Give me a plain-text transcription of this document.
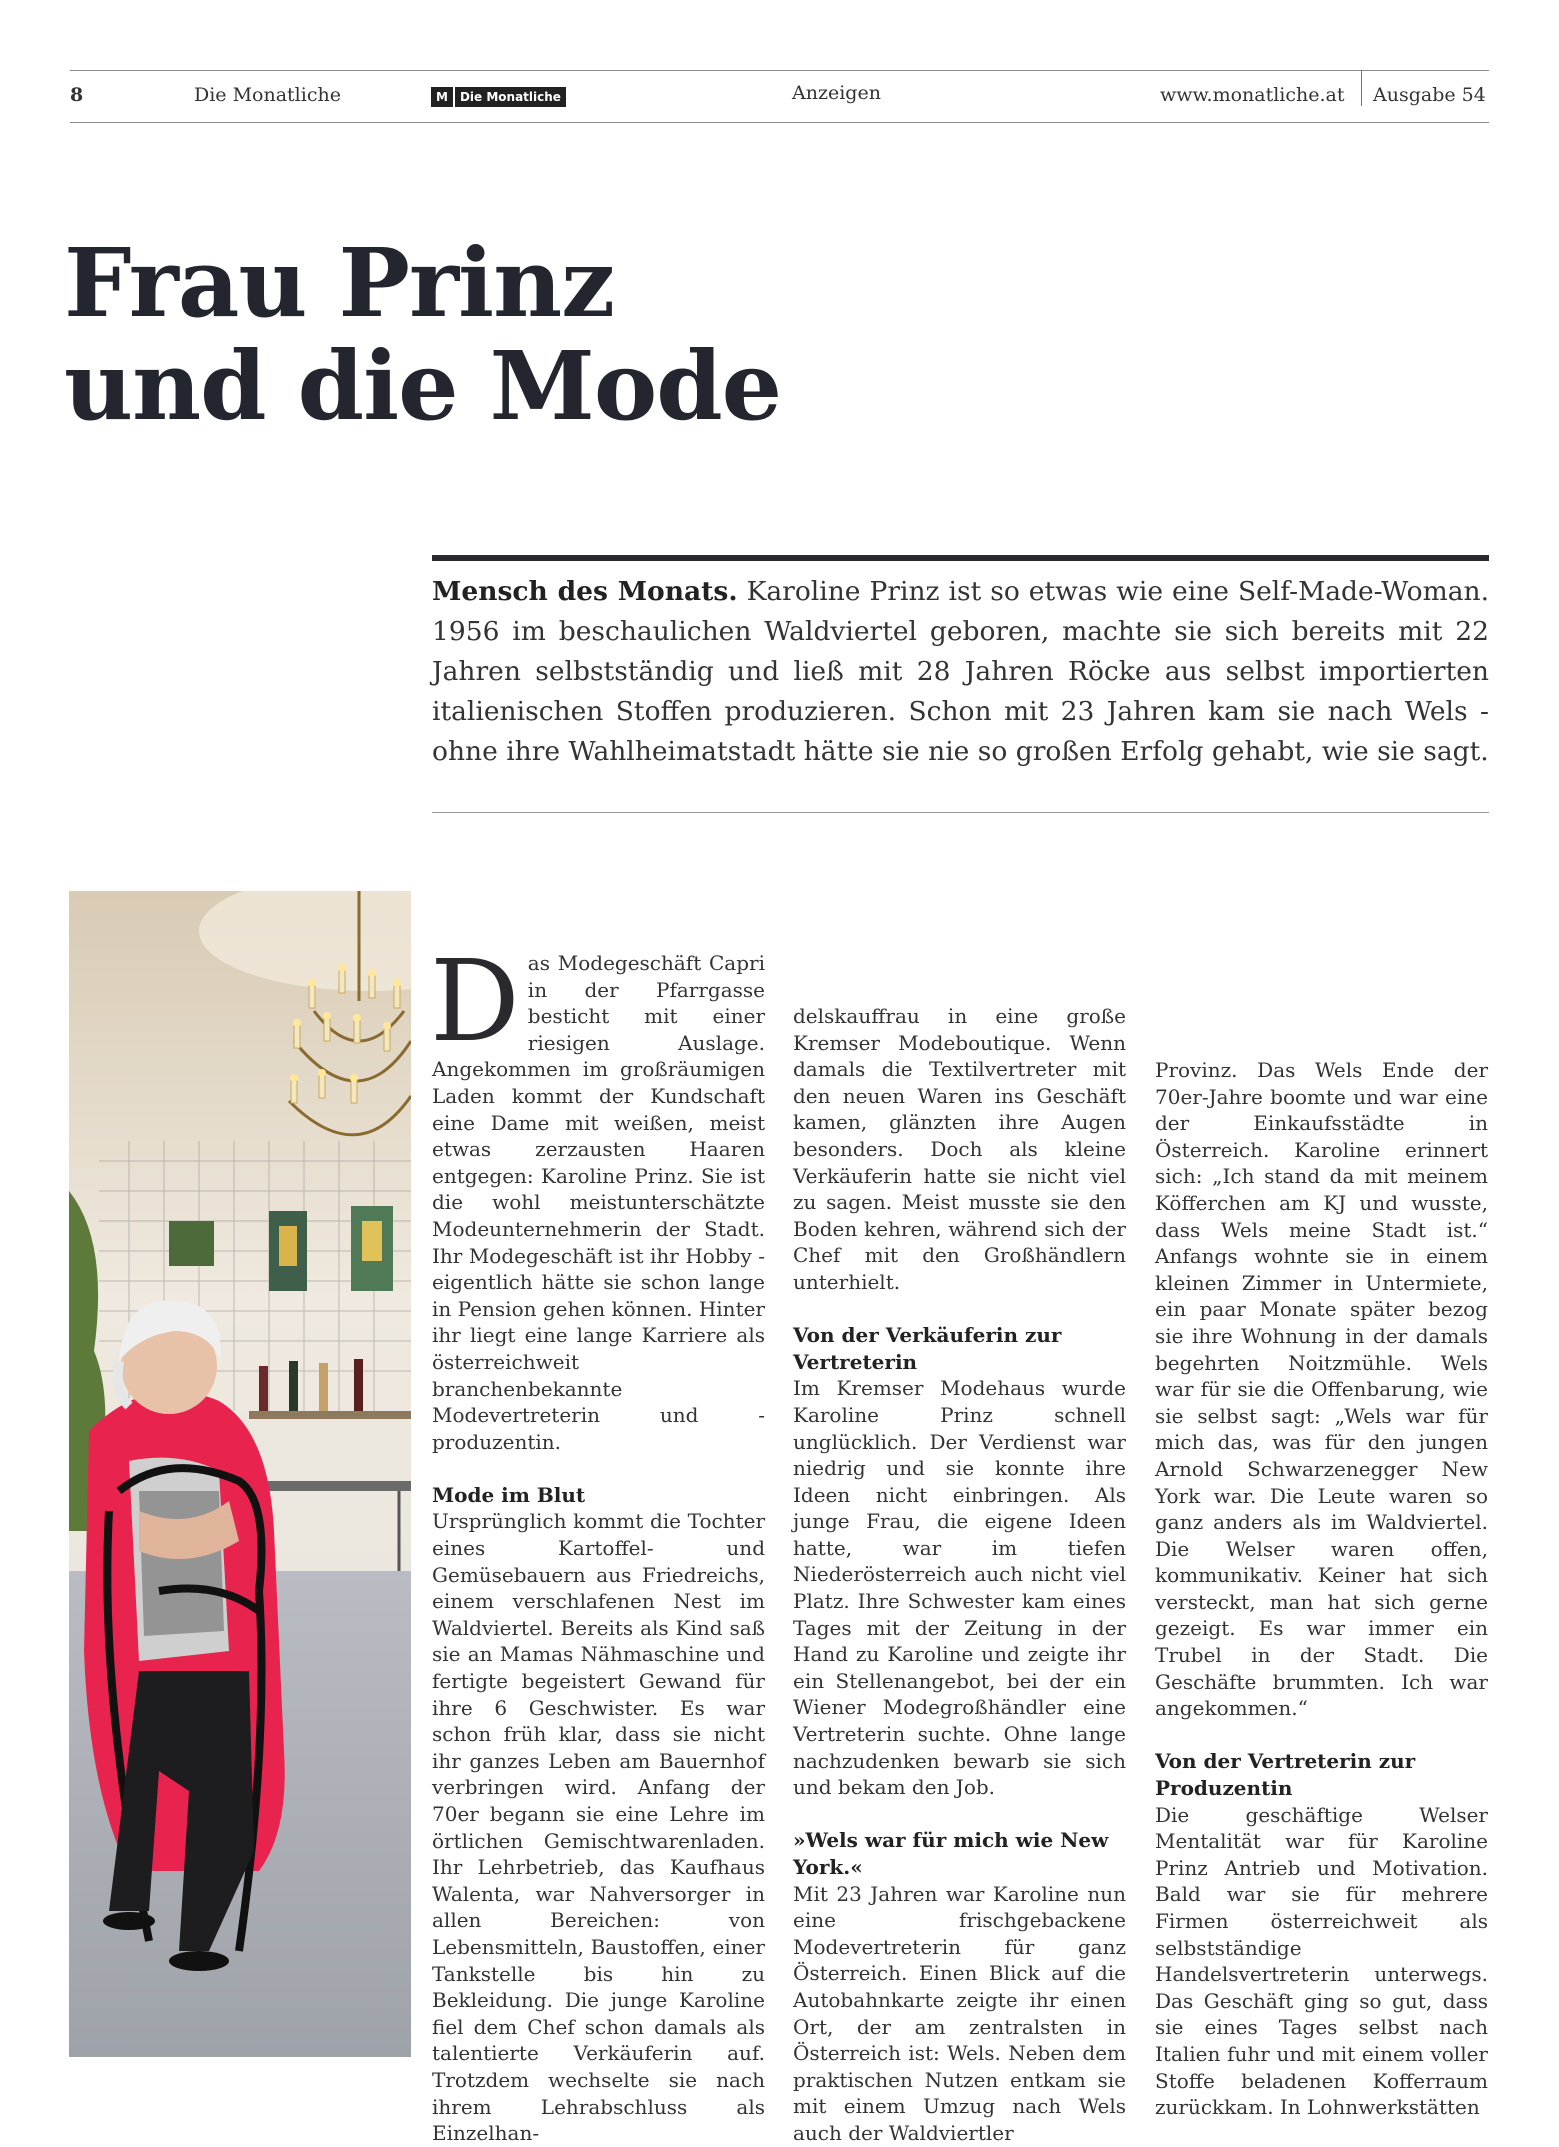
8	Die Monatliche	M	Die Monatliche	Anzeigen	www.monatliche.at Ausgabe 54
Frau Prinz
und die Mode
Mensch des Monats. Karoline Prinz ist so etwas wie eine Self-Made-Woman. 1956 im beschaulichen Waldviertel geboren, machte sie sich bereits mit 22 Jahren selbstständig und ließ mit 28 Jahren Röcke aus selbst importierten italienischen Stoffen produzieren. Schon mit 23 Jahren kam sie nach Wels - ohne ihre Wahlheimatstadt hätte sie nie so großen Erfolg gehabt, wie sie sagt.

Das Modegeschäft Capri in der Pfarrgasse besticht mit einer riesigen Auslage. Angekommen im großräumigen Laden kommt der Kundschaft eine Dame mit weißen, meist etwas zerzausten Haaren entgegen: Karoline Prinz. Sie ist die wohl meistunterschätzte Modeunternehmerin der Stadt. Ihr Modegeschäft ist ihr Hobby - eigentlich hätte sie schon lange in Pension gehen können. Hinter ihr liegt eine lange Karriere als österreichweit branchenbekannte Modevertreterin und - produzentin.

Mode im Blut

Ursprünglich kommt die Tochter eines Kartoffel- und Gemüsebauern aus Friedreichs, einem verschlafenen Nest im Waldviertel. Bereits als Kind saß sie an Mamas Nähmaschine und fertigte begeistert Gewand für ihre 6 Geschwister. Es war schon früh klar, dass sie nicht ihr ganzes Leben am Bauernhof verbringen wird. Anfang der 70er begann sie eine Lehre im örtlichen Gemischtwarenladen. Ihr Lehrbetrieb, das Kaufhaus Walenta, war Nahversorger in allen Bereichen: von Lebensmitteln, Baustoffen, einer Tankstelle bis hin zu Bekleidung. Die junge Karoline fiel dem Chef schon damals als talentierte Verkäuferin auf. Trotzdem wechselte sie nach ihrem Lehrabschluss als Einzelhan-

delskauffrau in eine große Kremser Modeboutique. Wenn damals die Textilvertreter mit den neuen Waren ins Geschäft kamen, glänzten ihre Augen besonders. Doch als kleine Verkäuferin hatte sie nicht viel zu sagen. Meist musste sie den Boden kehren, während sich der Chef mit den Großhändlern unterhielt.

Von der Verkäuferin zur Vertreterin

Im Kremser Modehaus wurde Karoline Prinz schnell unglücklich. Der Verdienst war niedrig und sie konnte ihre Ideen nicht einbringen. Als junge Frau, die eigene Ideen hatte, war im tiefen Niederösterreich auch nicht viel Platz. Ihre Schwester kam eines Tages mit der Zeitung in der Hand zu Karoline und zeigte ihr ein Stellenangebot, bei der ein Wiener Modegroßhändler eine Vertreterin suchte. Ohne lange nachzudenken bewarb sie sich und bekam den Job.

»Wels war für mich wie New York.«

Mit 23 Jahren war Karoline nun eine frischgebackene Modevertreterin für ganz Österreich. Einen Blick auf die Autobahnkarte zeigte ihr einen Ort, der am zentralsten in Österreich ist: Wels. Neben dem praktischen Nutzen entkam sie mit einem Umzug nach Wels auch der Waldviertler

Provinz. Das Wels Ende der 70er-Jahre boomte und war eine der Einkaufsstädte in Österreich. Karoline erinnert sich: „Ich stand da mit meinem Köfferchen am KJ und wusste, dass Wels meine Stadt ist.“ Anfangs wohnte sie in einem kleinen Zimmer in Untermiete, ein paar Monate später bezog sie ihre Wohnung in der damals begehrten Noitzmühle. Wels war für sie die Offenbarung, wie sie selbst sagt: „Wels war für mich das, was für den jungen Arnold Schwarzenegger New York war. Die Leute waren so ganz anders als im Waldviertel. Die Welser waren offen, kommunikativ. Keiner hat sich versteckt, man hat sich gerne gezeigt. Es war immer ein Trubel in der Stadt. Die Geschäfte brummten. Ich war angekommen.“

Von der Vertreterin zur Produzentin

Die geschäftige Welser Mentalität war für Karoline Prinz Antrieb und Motivation. Bald war sie für mehrere Firmen österreichweit als selbstständige Handelsvertreterin unterwegs. Das Geschäft ging so gut, dass sie eines Tages selbst nach Italien fuhr und mit einem voller Stoffe beladenen Kofferraum zurückkam. In Lohnwerkstätten
